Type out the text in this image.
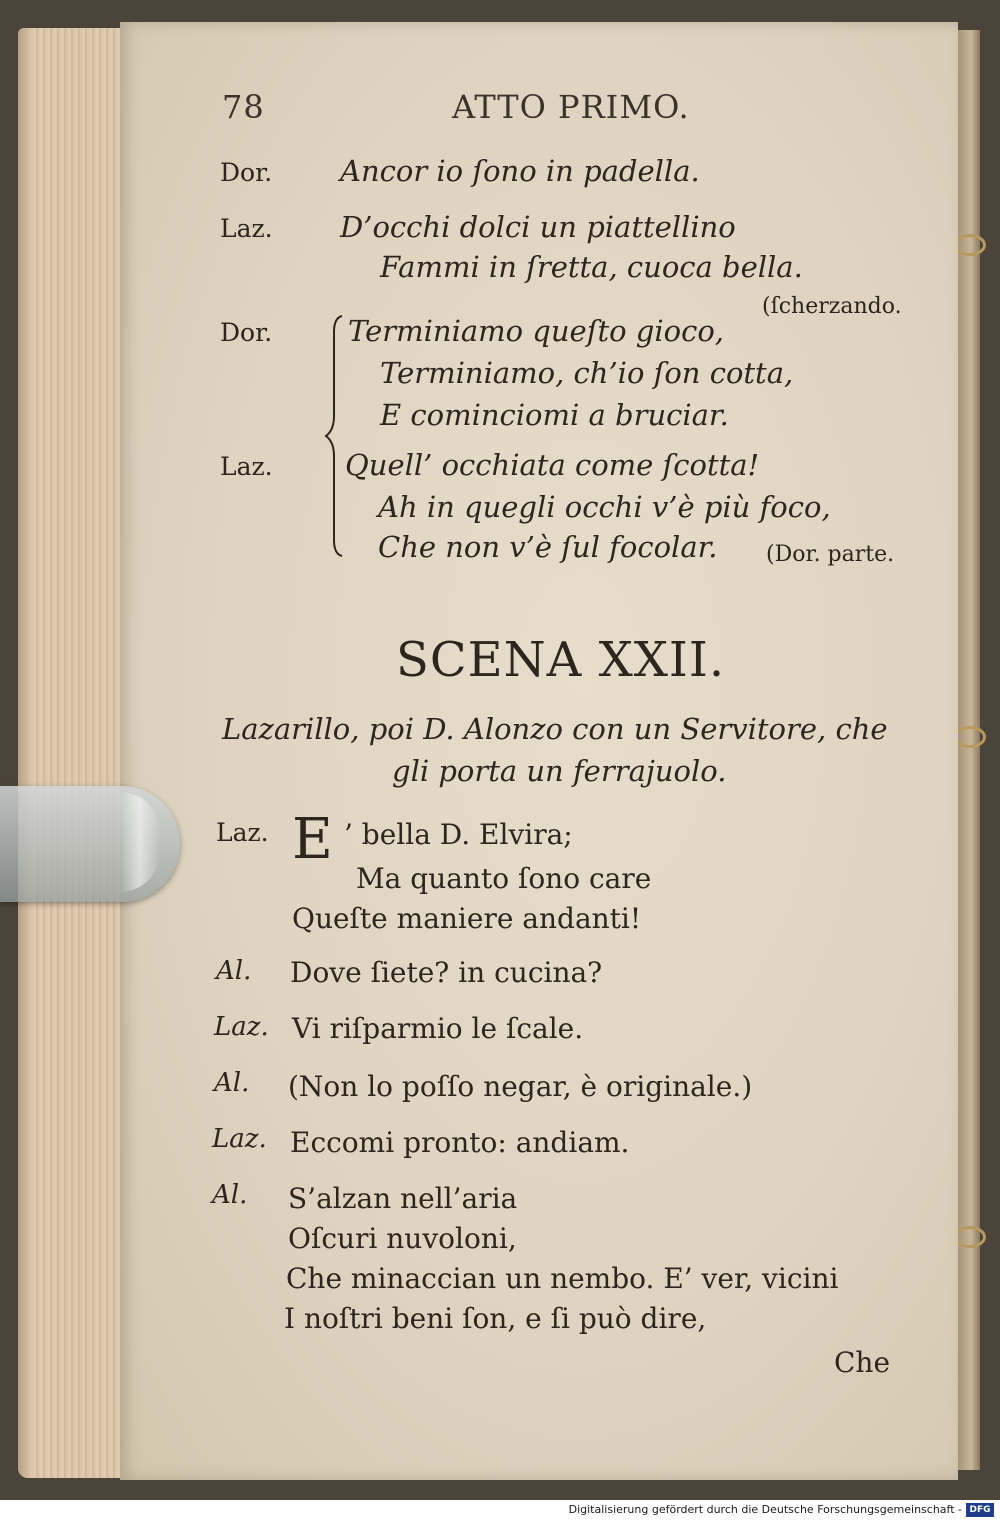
78	ATTO PRIMO.
Dor. Ancor io ſono in padella.
Laz. D’occhi dolci un piattellino
Fammi in ſretta, cuoca bella.
(ſcherzando.
Dor.	Terminiamo queſto gioco,
Terminiamo, ch’io ſon cotta,
E cominciomi a bruciar.
Laz. Quell’ occhiata come ſcotta!
Ah in quegli occhi v’è più foco,
Che non v’è ſul focolar. (Dor. parte.
SCENA XXII.
Lazarillo, poi D. Alonzo con un Servitore, che
gli porta un ferrajuolo.
Laz. E ’ bella D. Elvira;
Ma quanto ſono care
Queſte maniere andanti!
Al. Dove ſiete? in cucina?
Laz. Vi riſparmio le ſcale.
Al. (Non lo poſſo negar, è originale.)
Laz. Eccomi pronto: andiam.
Al. S’alzan nell’aria
Oſcuri nuvoloni,
Che minaccian un nembo. E’ ver, vicini
I noſtri beni ſon, e ſi può dire,
Che
Digitalisierung gefördert durch die Deutsche Forschungsgemeinschaft - DFG
